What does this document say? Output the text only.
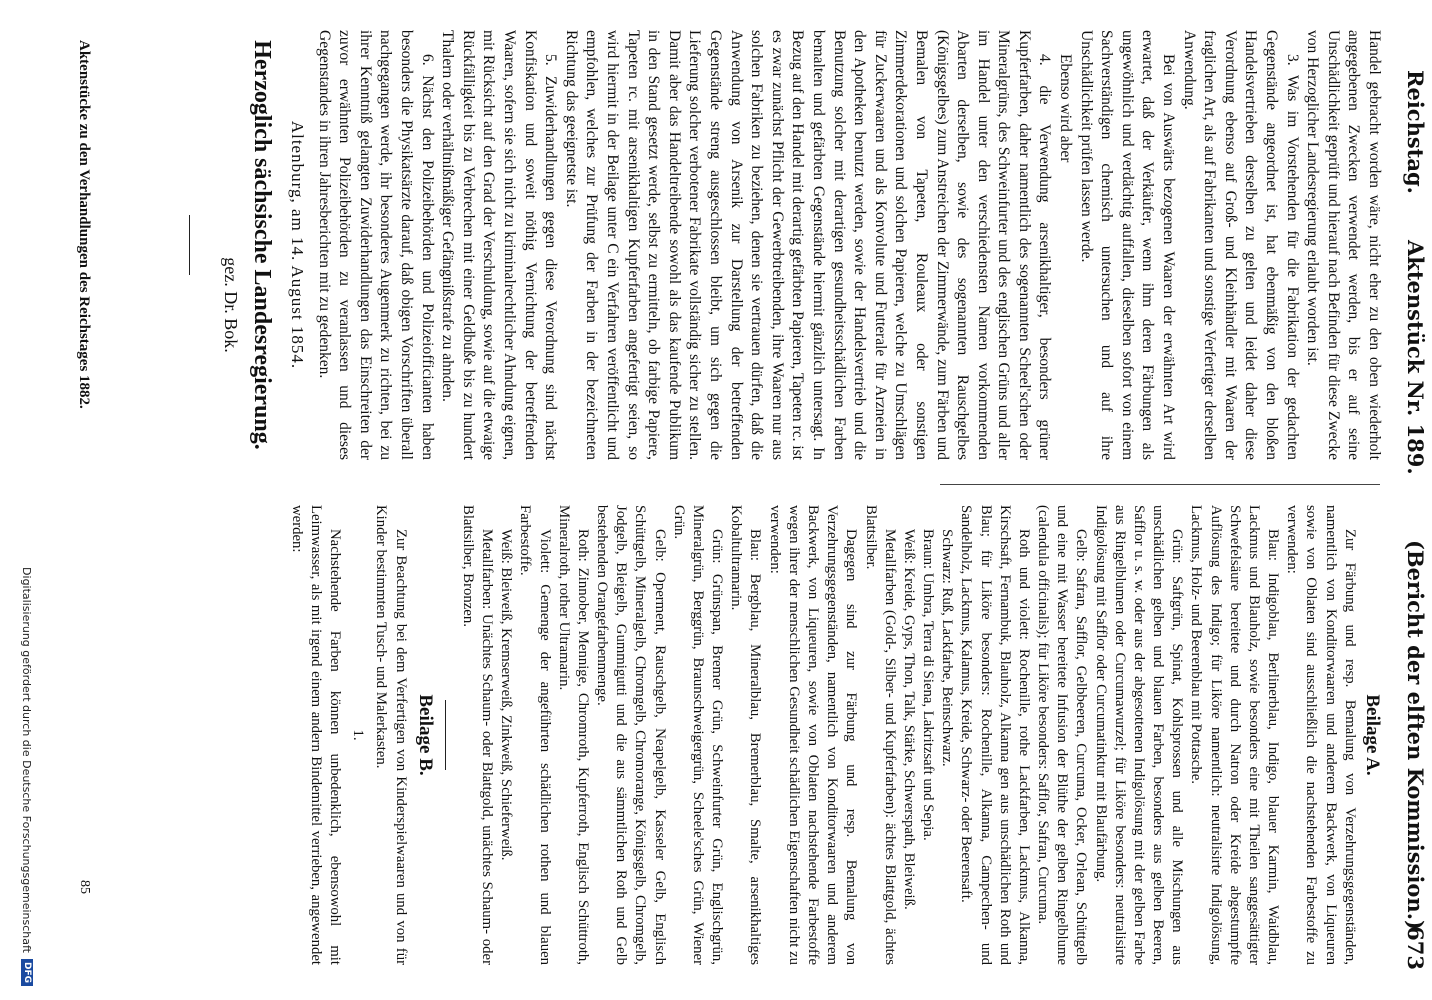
Reichstag.
Aktenstück Nr. 189.
(Bericht der elften Kommission.)
673

Handel gebracht worden wäre, nicht eher zu den oben wiederholt angegebenen Zwecken verwendet werden, bis er auf seine Unschädlichkeit geprüft und hierauf nach Befinden für diese Zwecke von Herzoglicher Landesregierung erlaubt worden ist.

3. Was im Vorstehenden für die Fabrikation der gedachten Gegenstände angeordnet ist, hat ebenmäßig von den bloßen Handelsvertrieben derselben zu gelten und leidet daher diese Verordnung ebenso auf Groß- und Kleinhändler mit Waaren der fraglichen Art, als auf Fabrikanten und sonstige Verfertiger derselben Anwendung.

Bei von Auswärts bezogenen Waaren der erwähnten Art wird erwartet, daß der Verkäufer, wenn ihm deren Färbungen als ungewöhnlich und verdächtig auffallen, dieselben sofort von einem Sachverständigen chemisch untersuchen und auf ihre Unschädlichkeit prüfen lassen werde.

Ebenso wird aber

4. die Verwendung arsenikhaltiger, besonders grüner Kupferfarben, daher namentlich des sogenannten Scheel'schen oder Mineralgrüns, des Schweinfurter und des englischen Grüns und aller im Handel unter den verschiedensten Namen vorkommenden Abarten derselben, sowie des sogenannten Rauschgelbes (Königsgelbes) zum Anstreichen der Zimmerwände, zum Färben und Bemalen von Tapeten, Rouleaux oder sonstigen Zimmerdekorationen und solchen Papieren, welche zu Umschlägen für Zuckerwaaren und als Konvolute und Futterale für Arzneien in den Apotheken benutzt werden, sowie der Handelsvertrieb und die Benutzung solcher mit derartigen gesundheitsschädlichen Farben bemalten und gefärbten Gegenstände hiermit gänzlich untersagt. In Bezug auf den Handel mit derartig gefärbten Papieren, Tapeten rc. ist es zwar zunächst Pflicht der Gewerbtreibenden, ihre Waaren nur aus solchen Fabriken zu beziehen, denen sie vertrauen dürfen, daß die Anwendung von Arsenik zur Darstellung der betreffenden Gegenstände streng ausgeschlossen bleibt, um sich gegen die Lieferung solcher verbotener Fabrikate vollständig sicher zu stellen. Damit aber das Handeltreibende sowohl als das kaufende Publikum in den Stand gesetzt werde, selbst zu ermitteln, ob farbige Papiere, Tapeten rc. mit arsenikhaltigen Kupferfarben angefertigt seien, so wird hiermit in der Beilage unter C ein Verfahren veröffentlicht und empfohlen, welches zur Prüfung der Farben in der bezeichneten Richtung das geeignetste ist.

5. Zuwiderhandlungen gegen diese Verordnung sind nächst Konfiskation und soweit nöthig Vernichtung der betreffenden Waaren, sofern sie sich nicht zu kriminalrechtlicher Ahndung eignen, mit Rücksicht auf den Grad der Verschuldung, sowie auf die etwaige Rückfälligkeit bis zu Verbrechen mit einer Geldbuße bis zu hundert Thalern oder verhältnißmäßiger Gefängnißstrafe zu ahnden.

6. Nächst den Polizeibehörden und Polizeiofficianten haben besonders die Physikatsärzte darauf, daß obigen Vorschriften überall nachgegangen werde, ihr besonderes Augenmerk zu richten, bei zu ihrer Kenntniß gelangten Zuwiderhandlungen das Einschreiten der zuvor erwähnten Polizeibehörden zu veranlassen und dieses Gegenstandes in ihren Jahresberichten mit zu gedenken.

Altenburg, am 14. August 1854.

Herzoglich sächsische Landesregierung.

gez. Dr. Bok.

Beilage A.

Zur Färbung und resp. Bemalung von Verzehrungsgegenständen, namentlich von Konditorwaaren und anderem Backwerk, von Liqueuren sowie von Oblaten sind ausschließlich die nachstehenden Farbestoffe zu verwenden:

Blau: Indigoblau, Berlinerblau, Indigo, blauer Karmin, Waidblau, Lackmus und Blauholz, sowie besonders eine mit Theilen sanggesättigter Schwefelsäure bereitete und durch Natron oder Kreide abgestumpfte Auflösung des Indigo; für Liköre namentlich: neutralisirte Indigolösung, Lackmus, Holz- und Beerenblau mit Pottasche.

Grün: Saftgrün, Spinat, Kohlsprossen und alle Mischungen aus unschädlichen gelben und blauen Farben, besonders aus gelben Beeren, Safflor u. s. w. oder aus der abgesottenen Indigolösung mit der gelben Farbe aus Ringelblumen oder Curcumawurzel; für Liköre besonders: neutralisirte Indigolösung mit Safflor oder Curcumatinktur mit Blaufärbung.

Gelb: Safran, Safflor, Gelbbeeren, Curcuma, Ocker, Orlean, Schüttgelb und eine mit Wasser bereitete Infusion der Blüthe der gelben Ringelblume (calendula officinalis); für Liköre besonders: Safflor, Safran, Curcuma.

Roth und violett: Rochenille, rothe Lackfarben, Lackmus, Alkanna, Kirschsaft, Fernambuk, Blauholz, Alkanna gen aus unschädlichen Roth und Blau; für Liköre besonders: Rochenille, Alkanna, Campechen- und Sandelholz, Lackmus, Kalamus, Kreide, Schwarz- oder Beerensaft.

Schwarz: Ruß, Lackfarbe, Beinschwarz.

Braun: Umbra, Terra di Siena, Lakritzsaft und Sepia.

Weiß: Kreide, Gyps, Thon, Talk, Stärke, Schwerspath, Bleiweiß.

Metallfarben (Gold-, Silber- und Kupferfarben): ächtes Blattgold, ächtes Blattsilber.

Dagegen sind zur Färbung und resp. Bemalung von Verzehrungsgegenständen, namentlich von Konditorwaaren und anderem Backwerk, von Liqueuren, sowie von Oblaten nachstehende Farbestoffe wegen ihrer der menschlichen Gesundheit schädlichen Eigenschaften nicht zu verwenden:

Blau: Bergblau, Mineralblau, Bremerblau, Smalte, arsenikhaltiges Kobaltultramarin.

Grün: Grünspan, Bremer Grün, Schweinfurter Grün, Englischgrün, Mineralgrün, Berggrün, Braunschweigergrün, Scheele'sches Grün, Wiener Grün.

Gelb: Operment, Rauschgelb, Neapelgelb, Kasseler Gelb, Englisch Schüttgelb, Mineralgelb, Chromgelb, Chromorange, Königsgelb, Chromgelb, Jodgelb, Bleigelb, Gummigutti und die aus sämmtlichen Roth und Gelb bestehenden Orangefarbenmenge.

Roth: Zinnober, Mennige, Chromroth, Kupferroth, Englisch Schüttroth, Mineralroth, rother Ultramarin.

Violett: Gemenge der angeführten schädlichen rothen und blauen Farbestoffe.

Weiß: Bleiweiß, Kremserweiß, Zinkweiß, Schieferweiß.

Metallfarben: Unächtes Schaum- oder Blattgold, unächtes Schaum- oder Blattsilber, Bronzen.

Beilage B.

Zur Beachtung bei dem Verfertigen von Kinderspielwaaren und von für Kinder bestimmten Tusch- und Malerkasten.

1.

Nachstehende Farben können unbedenklich, ebensowohl mit Leimwasser, als mit irgend einem andern Bindemittel verrieben, angewendet werden:

Aktenstücke zu den Verhandlungen des Reichstages 1882.
85
Digitalisierung gefördert durch die Deutsche Forschungsgemeinschaft
DFG
